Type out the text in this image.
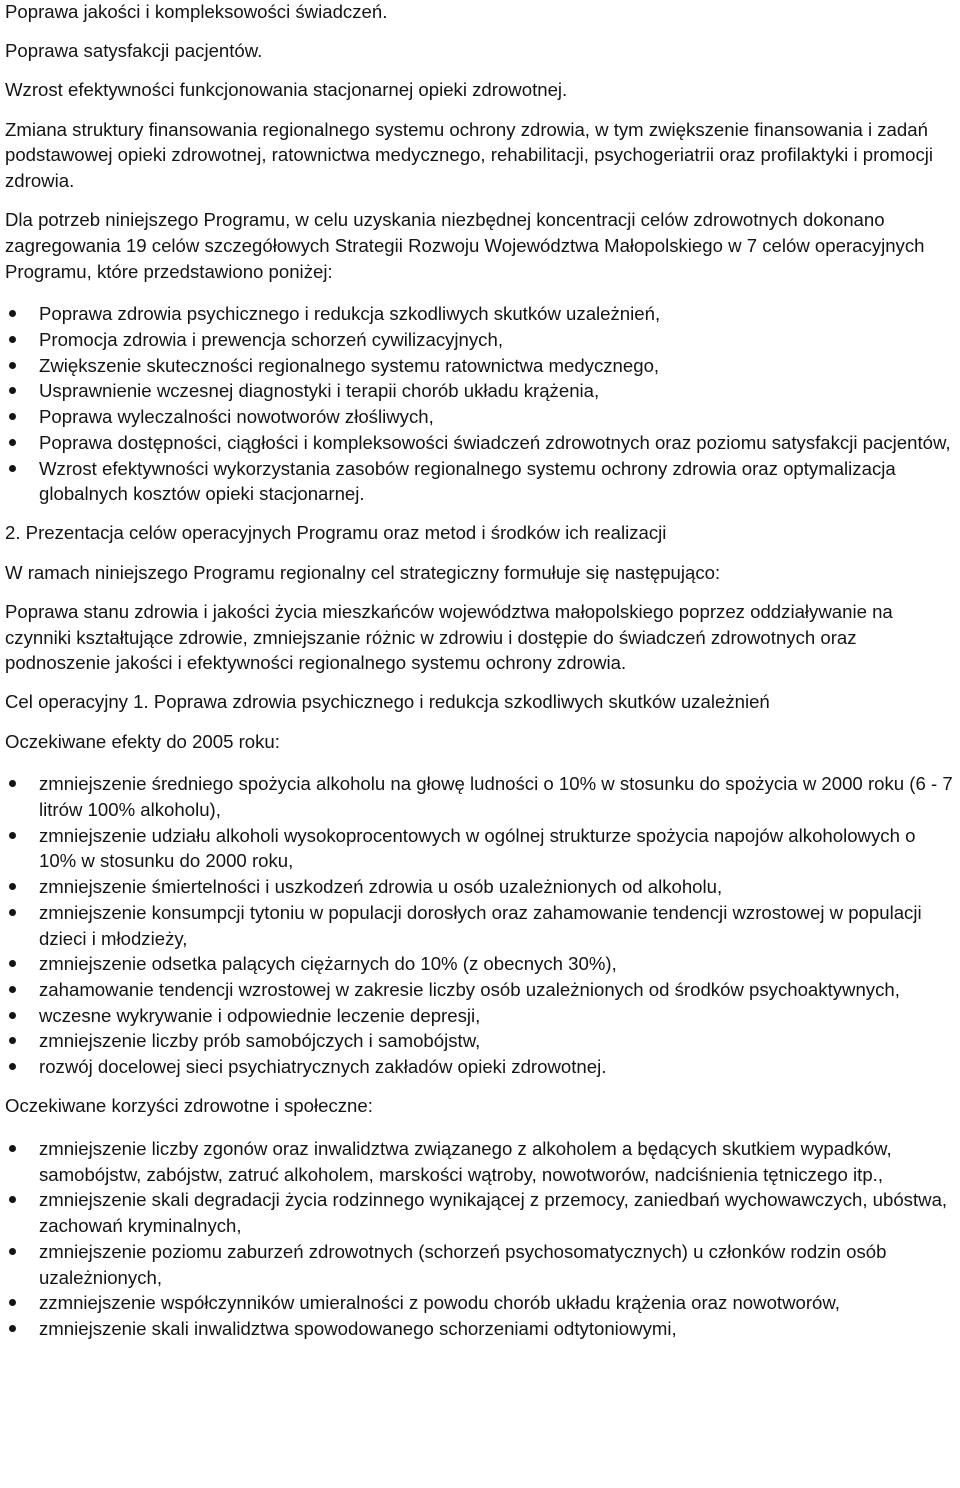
Poprawa jakości i kompleksowości świadczeń.

Poprawa satysfakcji pacjentów.

Wzrost efektywności funkcjonowania stacjonarnej opieki zdrowotnej.

Zmiana struktury finansowania regionalnego systemu ochrony zdrowia, w tym zwiększenie finansowania i zadań podstawowej opieki zdrowotnej, ratownictwa medycznego, rehabilitacji, psychogeriatrii oraz profilaktyki i promocji zdrowia.

Dla potrzeb niniejszego Programu, w celu uzyskania niezbędnej koncentracji celów zdrowotnych dokonano zagregowania 19 celów szczegółowych Strategii Rozwoju Województwa Małopolskiego w 7 celów operacyjnych Programu, które przedstawiono poniżej:

Poprawa zdrowia psychicznego i redukcja szkodliwych skutków uzależnień,
Promocja zdrowia i prewencja schorzeń cywilizacyjnych,
Zwiększenie skuteczności regionalnego systemu ratownictwa medycznego,
Usprawnienie wczesnej diagnostyki i terapii chorób układu krążenia,
Poprawa wyleczalności nowotworów złośliwych,
Poprawa dostępności, ciągłości i kompleksowości świadczeń zdrowotnych oraz poziomu satysfakcji pacjentów,
Wzrost efektywności wykorzystania zasobów regionalnego systemu ochrony zdrowia oraz optymalizacja globalnych kosztów opieki stacjonarnej.

2. Prezentacja celów operacyjnych Programu oraz metod i środków ich realizacji

W ramach niniejszego Programu regionalny cel strategiczny formułuje się następująco:

Poprawa stanu zdrowia i jakości życia mieszkańców województwa małopolskiego poprzez oddziaływanie na czynniki kształtujące zdrowie, zmniejszanie różnic w zdrowiu i dostępie do świadczeń zdrowotnych oraz podnoszenie jakości i efektywności regionalnego systemu ochrony zdrowia.

Cel operacyjny 1. Poprawa zdrowia psychicznego i redukcja szkodliwych skutków uzależnień

Oczekiwane efekty do 2005 roku:

zmniejszenie średniego spożycia alkoholu na głowę ludności o 10% w stosunku do spożycia w 2000 roku (6 - 7 litrów 100% alkoholu),
zmniejszenie udziału alkoholi wysokoprocentowych w ogólnej strukturze spożycia napojów alkoholowych o 10% w stosunku do 2000 roku,
zmniejszenie śmiertelności i uszkodzeń zdrowia u osób uzależnionych od alkoholu,
zmniejszenie konsumpcji tytoniu w populacji dorosłych oraz zahamowanie tendencji wzrostowej w populacji dzieci i młodzieży,
zmniejszenie odsetka palących ciężarnych do 10% (z obecnych 30%),
zahamowanie tendencji wzrostowej w zakresie liczby osób uzależnionych od środków psychoaktywnych,
wczesne wykrywanie i odpowiednie leczenie depresji,
zmniejszenie liczby prób samobójczych i samobójstw,
rozwój docelowej sieci psychiatrycznych zakładów opieki zdrowotnej.

Oczekiwane korzyści zdrowotne i społeczne:

zmniejszenie liczby zgonów oraz inwalidztwa związanego z alkoholem a będących skutkiem wypadków, samobójstw, zabójstw, zatruć alkoholem, marskości wątroby, nowotworów, nadciśnienia tętniczego itp.,
zmniejszenie skali degradacji życia rodzinnego wynikającej z przemocy, zaniedbań wychowawczych, ubóstwa, zachowań kryminalnych,
zmniejszenie poziomu zaburzeń zdrowotnych (schorzeń psychosomatycznych) u członków rodzin osób uzależnionych,
zzmniejszenie współczynników umieralności z powodu chorób układu krążenia oraz nowotworów,
zmniejszenie skali inwalidztwa spowodowanego schorzeniami odtytoniowymi,
